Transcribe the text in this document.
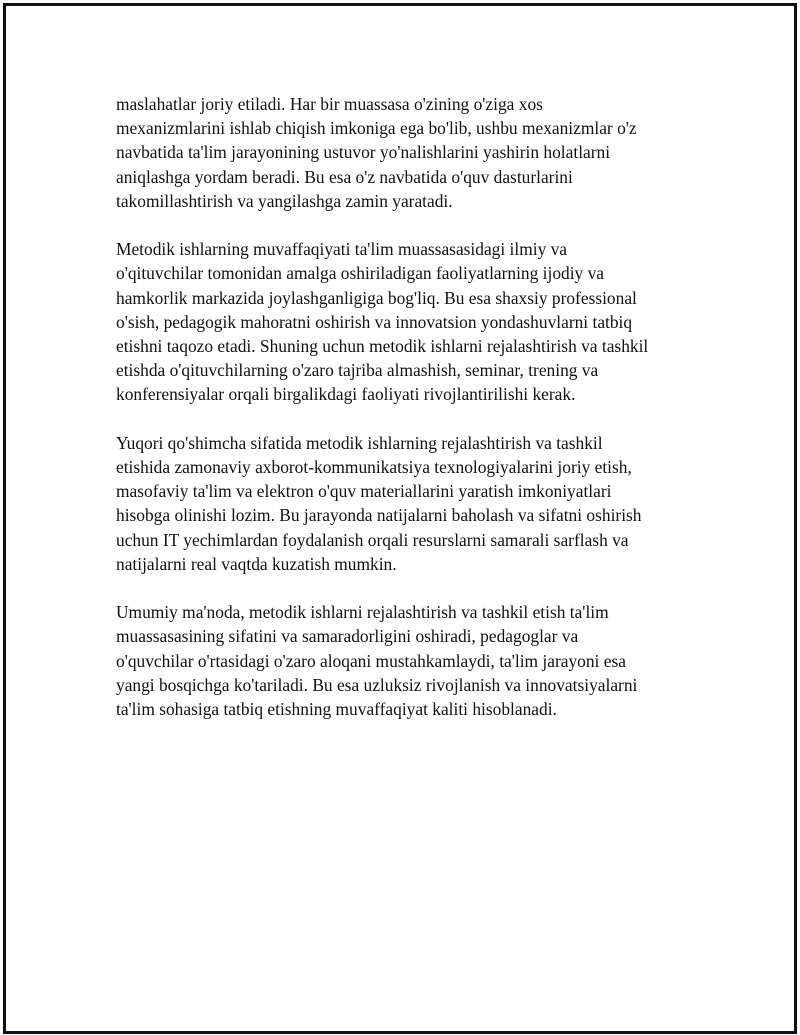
maslahatlar joriy etiladi. Har bir muassasa o'zining o'ziga xos
mexanizmlarini ishlab chiqish imkoniga ega bo'lib, ushbu mexanizmlar o'z
navbatida ta'lim jarayonining ustuvor yo'nalishlarini yashirin holatlarni
aniqlashga yordam beradi. Bu esa o'z navbatida o'quv dasturlarini
takomillashtirish va yangilashga zamin yaratadi.

Metodik ishlarning muvaffaqiyati ta'lim muassasasidagi ilmiy va
o'qituvchilar tomonidan amalga oshiriladigan faoliyatlarning ijodiy va
hamkorlik markazida joylashganligiga bog'liq. Bu esa shaxsiy professional
o'sish, pedagogik mahoratni oshirish va innovatsion yondashuvlarni tatbiq
etishni taqozo etadi. Shuning uchun metodik ishlarni rejalashtirish va tashkil
etishda o'qituvchilarning o'zaro tajriba almashish, seminar, trening va
konferensiyalar orqali birgalikdagi faoliyati rivojlantirilishi kerak.

Yuqori qo'shimcha sifatida metodik ishlarning rejalashtirish va tashkil
etishida zamonaviy axborot-kommunikatsiya texnologiyalarini joriy etish,
masofaviy ta'lim va elektron o'quv materiallarini yaratish imkoniyatlari
hisobga olinishi lozim. Bu jarayonda natijalarni baholash va sifatni oshirish
uchun IT yechimlardan foydalanish orqali resurslarni samarali sarflash va
natijalarni real vaqtda kuzatish mumkin.

Umumiy ma'noda, metodik ishlarni rejalashtirish va tashkil etish ta'lim
muassasasining sifatini va samaradorligini oshiradi, pedagoglar va
o'quvchilar o'rtasidagi o'zaro aloqani mustahkamlaydi, ta'lim jarayoni esa
yangi bosqichga ko'tariladi. Bu esa uzluksiz rivojlanish va innovatsiyalarni
ta'lim sohasiga tatbiq etishning muvaffaqiyat kaliti hisoblanadi.
